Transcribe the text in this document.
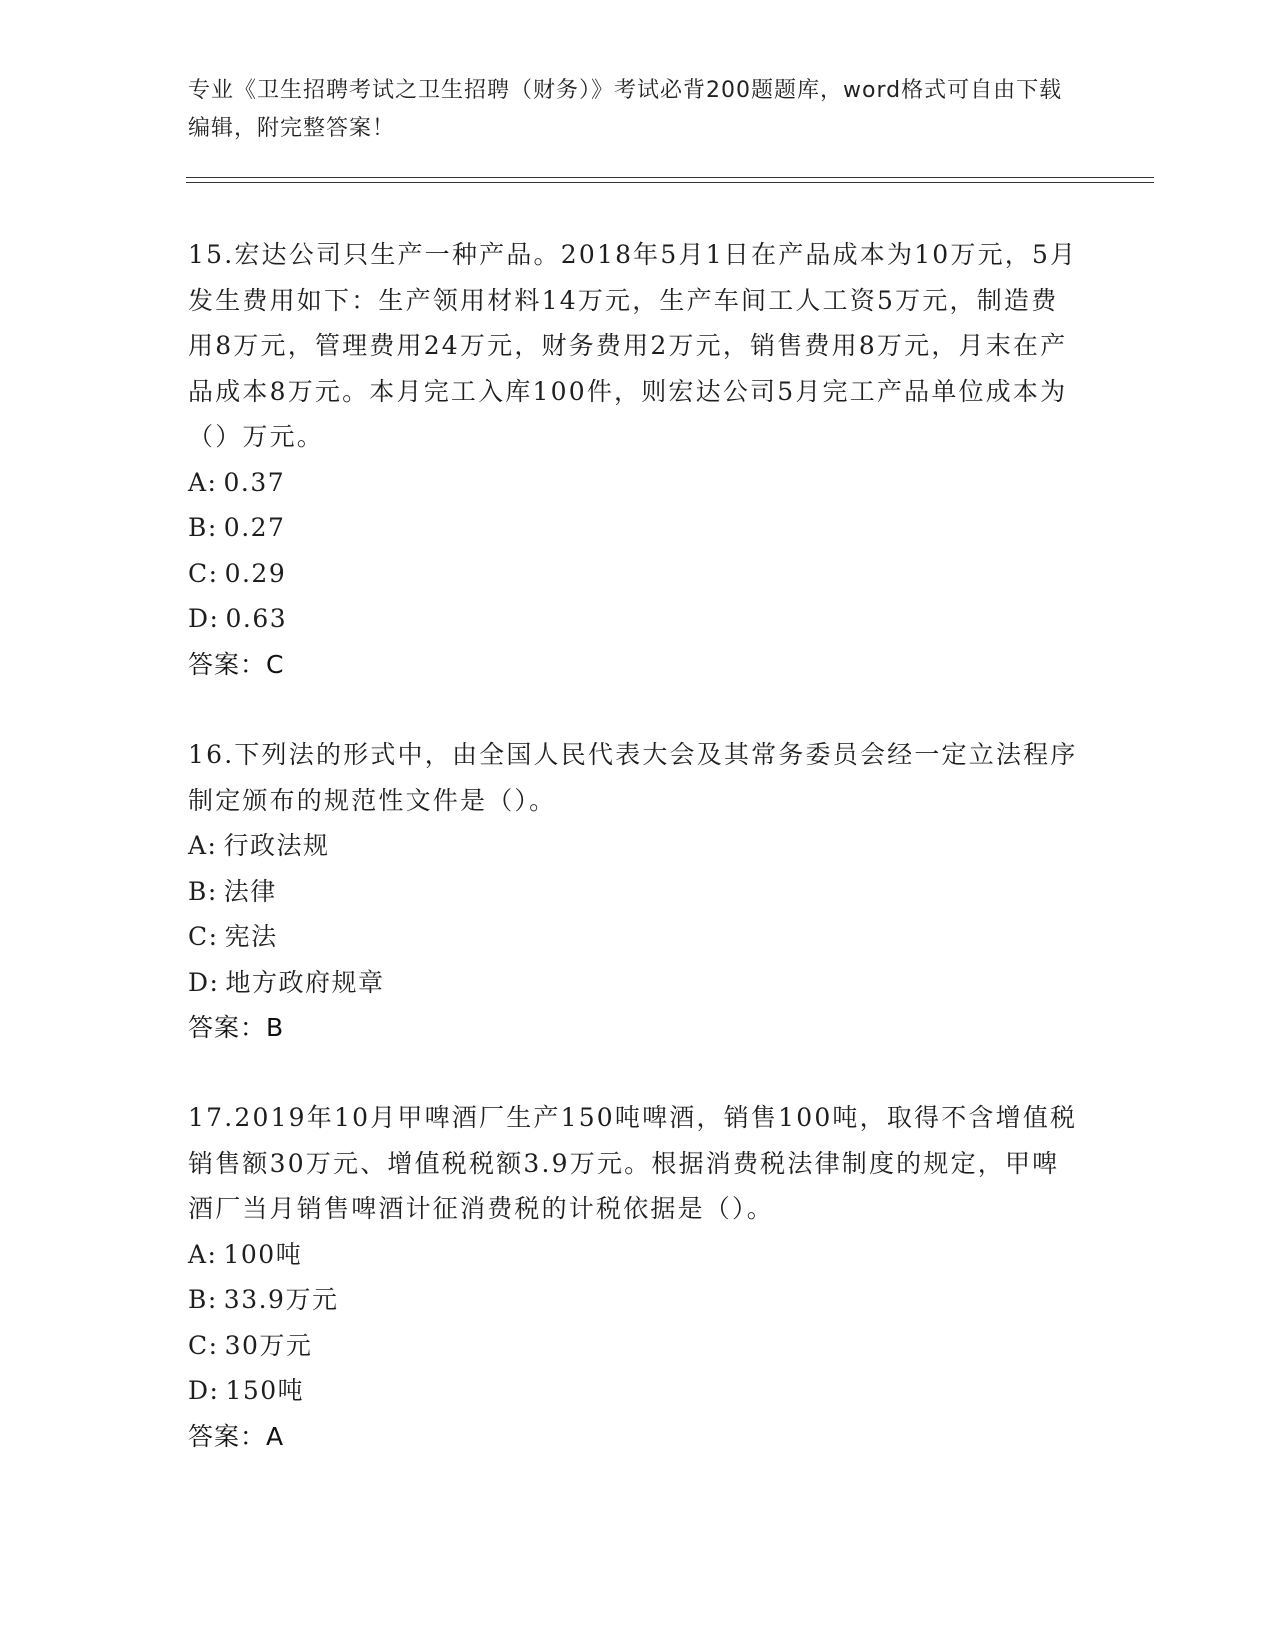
专业《卫生招聘考试之卫生招聘（财务）》考试必背200题题库，word格式可自由下载编辑，附完整答案！
15.宏达公司只生产一种产品。2018年5月1日在产品成本为10万元，5月发生费用如下：生产领用材料14万元，生产车间工人工资5万元，制造费用8万元，管理费用24万元，财务费用2万元，销售费用8万元，月末在产品成本8万元。本月完工入库100件，则宏达公司5月完工产品单位成本为（）万元。
A: 0.37
B: 0.27
C: 0.29
D: 0.63
答案：C
16.下列法的形式中，由全国人民代表大会及其常务委员会经一定立法程序制定颁布的规范性文件是（）。
A: 行政法规
B: 法律
C: 宪法
D: 地方政府规章
答案：B
17.2019年10月甲啤酒厂生产150吨啤酒，销售100吨，取得不含增值税销售额30万元、增值税税额3.9万元。根据消费税法律制度的规定，甲啤酒厂当月销售啤酒计征消费税的计税依据是（）。
A: 100吨
B: 33.9万元
C: 30万元
D: 150吨
答案：A
